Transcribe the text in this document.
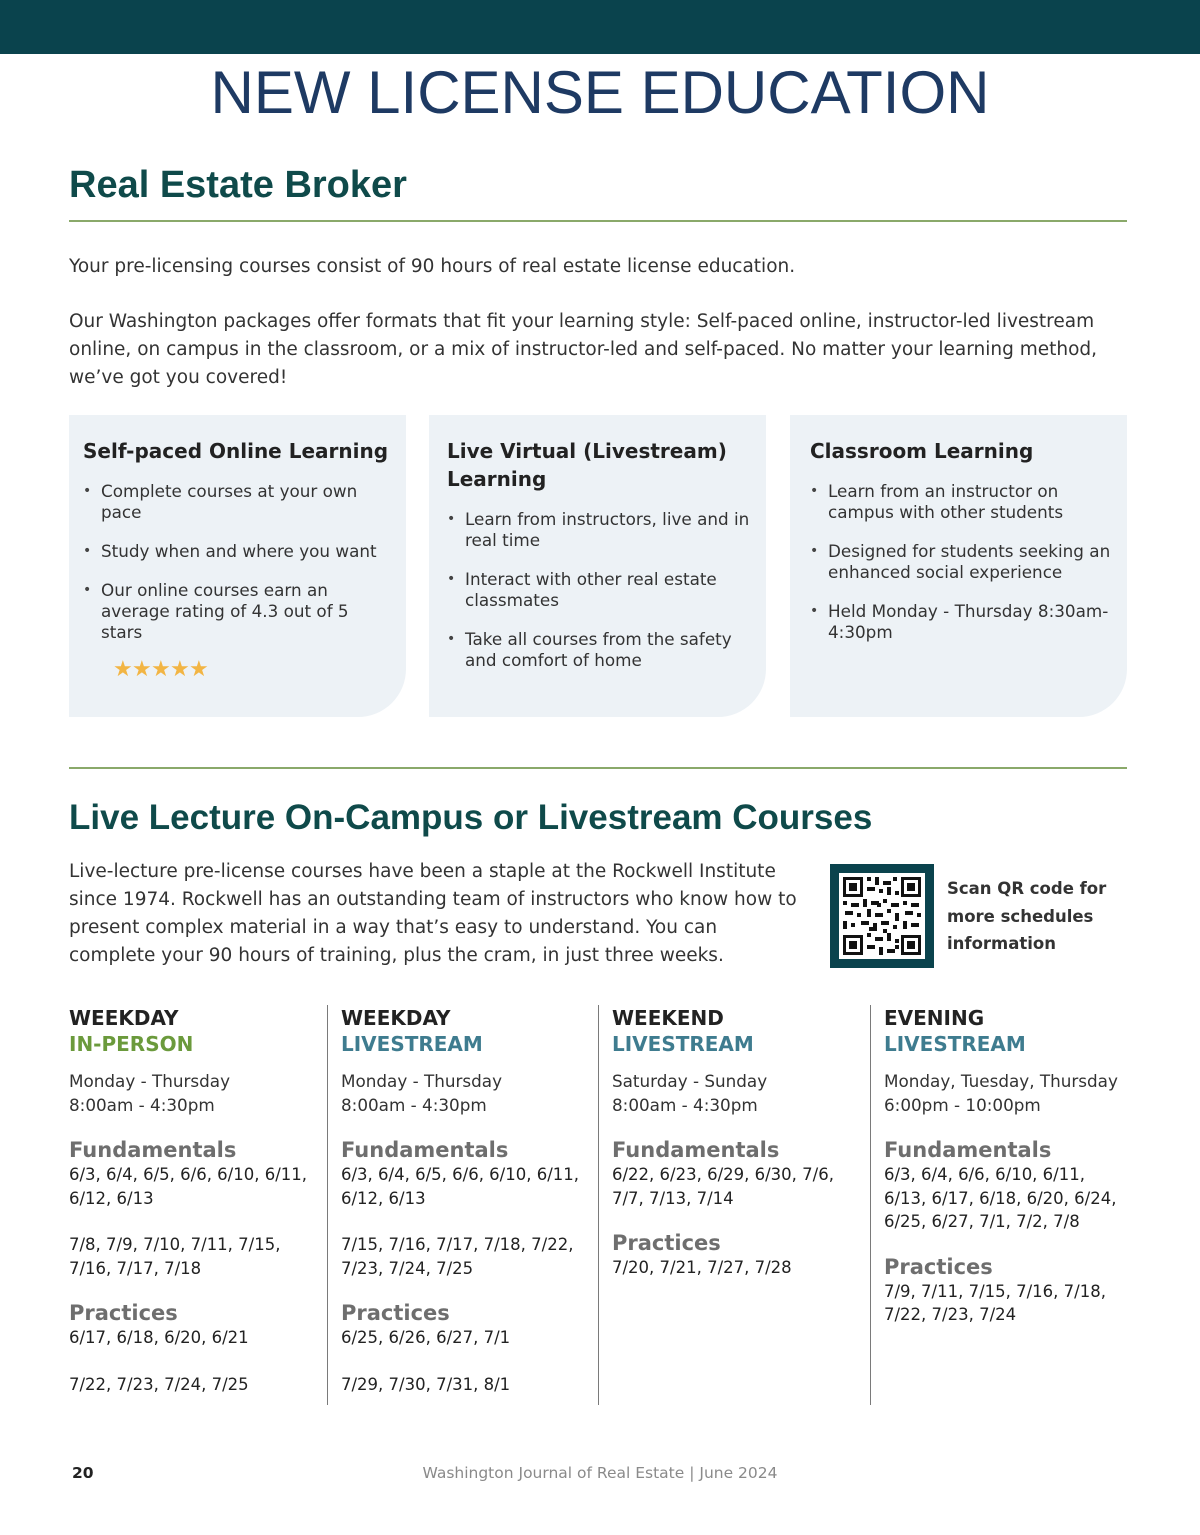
NEW LICENSE EDUCATION
Real Estate Broker

Your pre-licensing courses consist of 90 hours of real estate license education.

Our Washington packages offer formats that fit your learning style: Self-paced online, instructor-led livestream online, on campus in the classroom, or a mix of instructor-led and self-paced. No matter your learning method, we’ve got you covered!

Self-paced Online Learning
• Complete courses at your own pace
• Study when and where you want
• Our online courses earn an average rating of 4.3 out of 5 stars
★ ★ ★ ★ ★
Live Virtual (Livestream) Learning
• Learn from instructors, live and in real time
• Interact with other real estate classmates
• Take all courses from the safety and comfort of home
Classroom Learning
• Learn from an instructor on campus with other students
• Designed for students seeking an enhanced social experience
• Held Monday - Thursday 8:30am-4:30pm
Live Lecture On-Campus or Livestream Courses

Live-lecture pre-license courses have been a staple at the Rockwell Institute since 1974. Rockwell has an outstanding team of instructors who know how to present complex material in a way that’s easy to understand. You can complete your 90 hours of training, plus the cram, in just three weeks.

Scan QR code for more schedules information
WEEKDAY
IN-PERSON
Monday - Thursday
8:00am - 4:30pm
Fundamentals
6/3, 6/4, 6/5, 6/6, 6/10, 6/11, 6/12, 6/13
7/8, 7/9, 7/10, 7/11, 7/15, 7/16, 7/17, 7/18
Practices
6/17, 6/18, 6/20, 6/21
7/22, 7/23, 7/24, 7/25
WEEKDAY
LIVESTREAM
Monday - Thursday
8:00am - 4:30pm
Fundamentals
6/3, 6/4, 6/5, 6/6, 6/10, 6/11, 6/12, 6/13
7/15, 7/16, 7/17, 7/18, 7/22, 7/23, 7/24, 7/25
Practices
6/25, 6/26, 6/27, 7/1
7/29, 7/30, 7/31, 8/1
WEEKEND
LIVESTREAM
Saturday - Sunday
8:00am - 4:30pm
Fundamentals
6/22, 6/23, 6/29, 6/30, 7/6, 7/7, 7/13, 7/14
Practices
7/20, 7/21, 7/27, 7/28
EVENING
LIVESTREAM
Monday, Tuesday, Thursday
6:00pm - 10:00pm
Fundamentals
6/3, 6/4, 6/6, 6/10, 6/11, 6/13, 6/17, 6/18, 6/20, 6/24, 6/25, 6/27, 7/1, 7/2, 7/8
Practices
7/9, 7/11, 7/15, 7/16, 7/18, 7/22, 7/23, 7/24
20	Washington Journal of Real Estate | June 2024
